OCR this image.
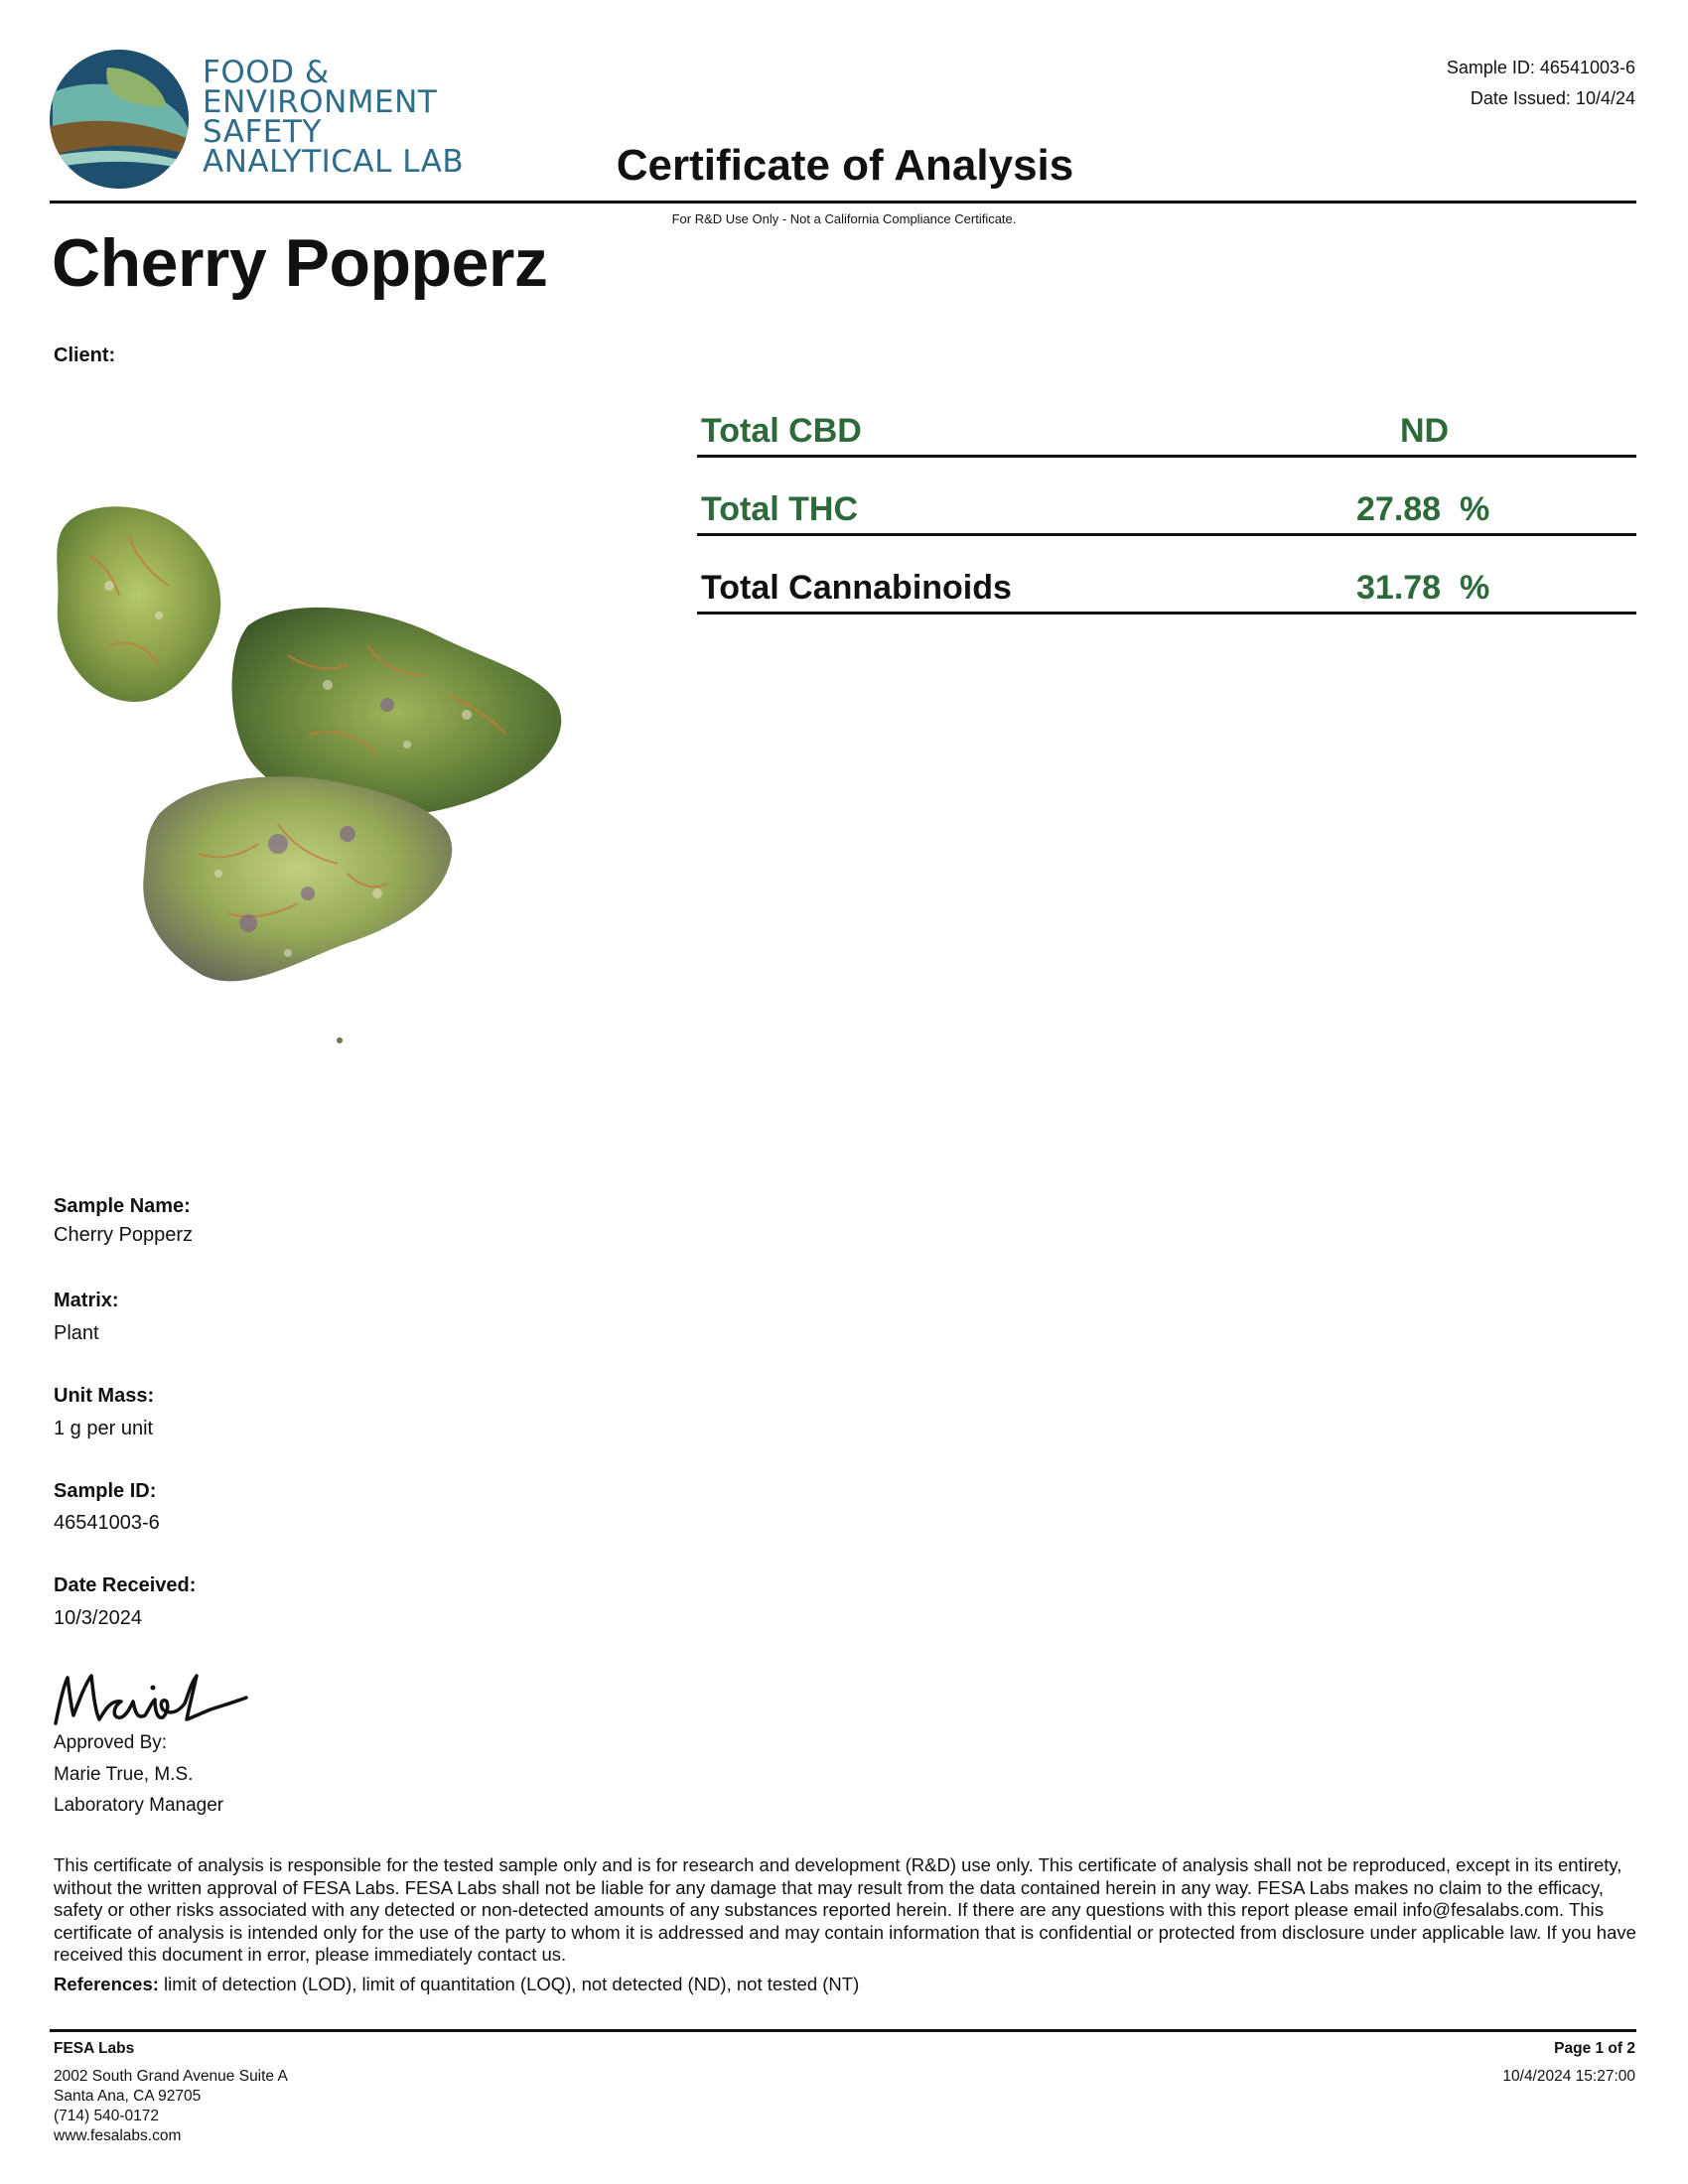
FOOD &
ENVIRONMENT
SAFETY
ANALYTICAL LAB
Sample ID: 46541003-6
Date Issued: 10/4/24
Certificate of Analysis
For R&D Use Only - Not a California Compliance Certificate.
Cherry Popperz
Client:
Total CBD	ND
Total THC	27.88  %
Total Cannabinoids	31.78  %
Sample Name:
Cherry Popperz
Matrix:
Plant
Unit Mass:
1 g per unit
Sample ID:
46541003-6
Date Received:
10/3/2024
Approved By:
Marie True, M.S.
Laboratory Manager
This certificate of analysis is responsible for the tested sample only and is for research and development (R&D) use only. This certificate of analysis shall not be reproduced, except in its entirety, without the written approval of FESA Labs. FESA Labs shall not be liable for any damage that may result from the data contained herein in any way. FESA Labs makes no claim to the efficacy, safety or other risks associated with any detected or non-detected amounts of any substances reported herein. If there are any questions with this report please email info@fesalabs.com. This certificate of analysis is intended only for the use of the party to whom it is addressed and may contain information that is confidential or protected from disclosure under applicable law. If you have received this document in error, please immediately contact us.
References: limit of detection (LOD), limit of quantitation (LOQ), not detected (ND), not tested (NT)
FESA Labs
2002 South Grand Avenue Suite A
Santa Ana, CA 92705
(714) 540-0172
www.fesalabs.com
Page 1 of 2
10/4/2024 15:27:00
